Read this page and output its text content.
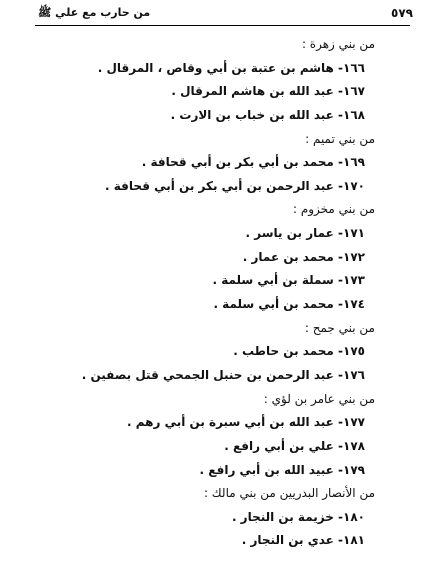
٥٧٩
من حارب مع علي ﷺ
من بني زهرة :
١٦٦- هاشم بن عتبة بن أبي وقاص ، المرقال .
١٦٧- عبد الله بن هاشم المرقال .
١٦٨- عبد الله بن خباب بن الارت .
من بني تميم :
١٦٩- محمد بن أبي بكر بن أبي قحافة .
١٧٠- عبد الرحمن بن أبي بكر بن أبي قحافة .
من بني مخزوم :
١٧١- عمار بن ياسر .
١٧٢- محمد بن عمار .
١٧٣- سملة بن أبي سلمة .
١٧٤- محمد بن أبي سلمة .
من بني جمح :
١٧٥- محمد بن حاطب .
١٧٦- عبد الرحمن بن حنبل الجمحي قتل بصفين .
من بني عامر بن لؤي :
١٧٧- عبد الله بن أبي سبرة بن أبي رهم .
١٧٨- علي بن أبي رافع .
١٧٩- عبيد الله بن أبي رافع .
من الأنصار البدريين من بني مالك :
١٨٠- خزيمة بن النجار .
١٨١- عدي بن النجار .
